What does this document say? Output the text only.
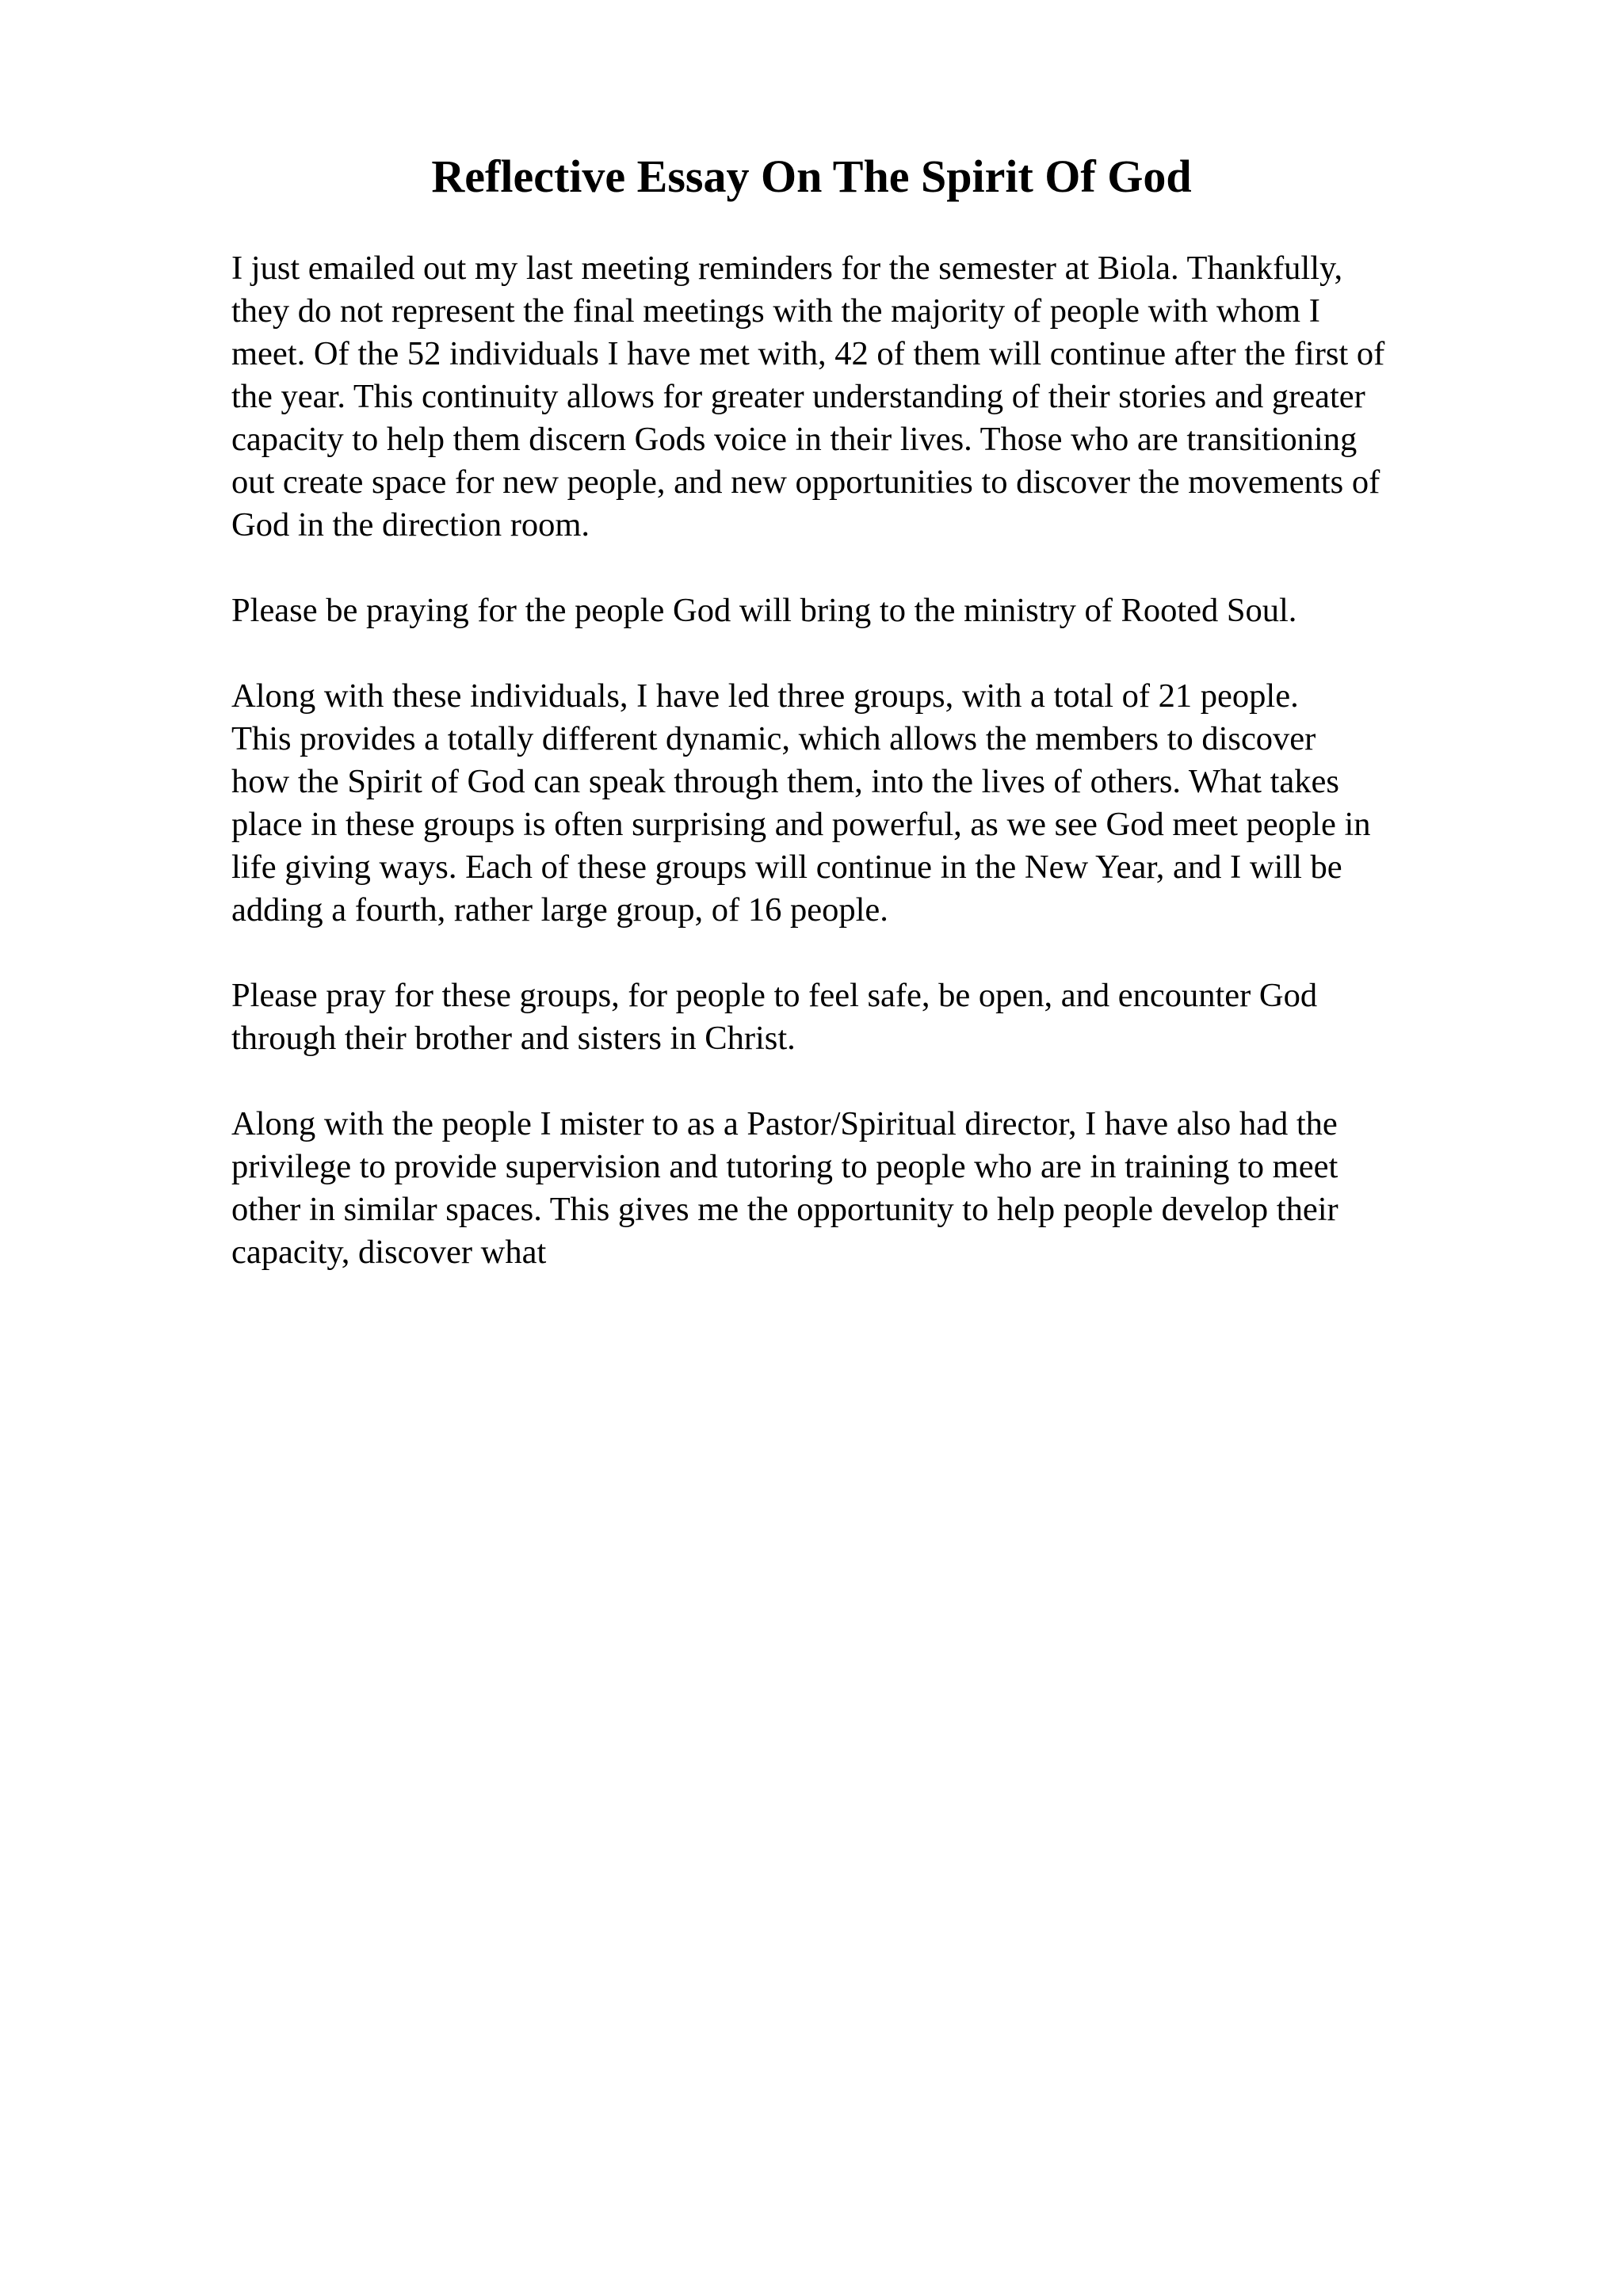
Reflective Essay On The Spirit Of God

I just emailed out my last meeting reminders for the semester at Biola. Thankfully,
they do not represent the final meetings with the majority of people with whom I
meet. Of the 52 individuals I have met with, 42 of them will continue after the first of
the year. This continuity allows for greater understanding of their stories and greater
capacity to help them discern Gods voice in their lives. Those who are transitioning
out create space for new people, and new opportunities to discover the movements of
God in the direction room.

Please be praying for the people God will bring to the ministry of Rooted Soul.

Along with these individuals, I have led three groups, with a total of 21 people.
This provides a totally different dynamic, which allows the members to discover
how the Spirit of God can speak through them, into the lives of others. What takes
place in these groups is often surprising and powerful, as we see God meet people in
life giving ways. Each of these groups will continue in the New Year, and I will be
adding a fourth, rather large group, of 16 people.

Please pray for these groups, for people to feel safe, be open, and encounter God
through their brother and sisters in Christ.

Along with the people I mister to as a Pastor/Spiritual director, I have also had the
privilege to provide supervision and tutoring to people who are in training to meet
other in similar spaces. This gives me the opportunity to help people develop their
capacity, discover what
